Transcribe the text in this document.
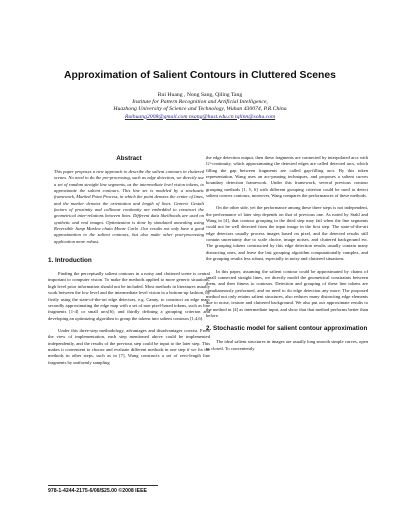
Approximation of Salient Contours in Cluttered Scenes
Rui Huang , Nong Sang, Qiling Tang
Institute for Pattern Recognition and Artificial Intelligence,
Huazhong University of Science and Technology, Wuhan 430074, P.R.China
Ruihuang2008@gmail.com nsang@hust.edu.cn tqlinn@sohu.com
Abstract
This paper proposes a new approach to describe the salient contours in cluttered scenes. No need to do the pre-processing, such as edge detection, we directly use a set of random straight line segments, as the intermediate level vision tokens, to approximate the salient contours. This line set is modeled by a stochastic framework, Marked Point Process, in which the point denotes the center of lines, and the marker denotes the orientation and length of lines. Generic Gestalt factors of proximity and collinear continuity are embedded to construct the geometrical inter-relations between lines. Different data likelihoods are used on synthetic and real images. Optimization is done by simulated annealing using Reversible Jump Markov chain Monte Carlo .Our results not only have a good approximation to the salient contours, but also make other post-processing application more robust.
1. Introduction

Finding the perceptually salient contours in a noisy and cluttered scene is central important to computer vision. To make the methods applied to more generic situations, high level prior information should not be included. Most methods in literatures usually work between the low level and the intermediate level vision in a bottom-up fashion, by firstly using the state-of-the-art edge detectors, e.g. Canny, to construct an edge map; secondly approximating the edge map with a set of non pixel-based tokens, such as line fragments [1-4] or small arcs[6]; and thirdly defining a grouping criterion and developing an optimizing algorithm to group the tokens into salient contours [1,4,6].

Under this three-step methodology, advantages and disadvantages coexist. From the view of implementation, each step mentioned above could be implemented independently, and the results of the previous step could be input to the later step. This makes it convenient to choose and evaluate different methods in one step if we fix the methods in other steps, such as in [7], Wang constructs a set of zero-length line fragments by uniformly sampling

the edge detection output, then these fragments are connected by interpolated arcs with G¹-continuity, which approximating the detected edges are called detected arcs, which filling the gap between fragments are called gap-filling arcs. By this token representation, Wang uses an arc-pruning techniques, and proposes a salient curves boundary detection framework. Under this framework, several previous contour grouping methods [1, 5, 6] with different grouping criterion could be used to detect salient convex contours, moreover, Wang compares the performances of these methods.

On the other side, yet the performance among these three steps is not independent, the performance of later step depends on that of previous one. As noted by Stahl and Wang in [4], that contour grouping in the third step may fail when the line segments could not be well detected from the input image in the first step. The state-of-the-art edge detectors usually process images based on pixel, and the detected results still contain uncertainty due to scale choice, image noises, and cluttered background etc. The grouping tokens constructed by this edge detection results usually contain many distracting ones, and leave the last grouping algorithm computationally complex, and the grouping results less robust, especially in noisy and cluttered situations.

In this paper, assuming the salient contour could be approximated by chains of small connected straight lines, we directly model the geometrical constraints between them, and then fitness to contours. Detection and grouping of these line tokens are simultaneously performed, and no need to do edge detection any more. The proposed method not only retains salient structures, also reduces many distracting edge elements due to noise, texture and cluttered background. We also put our approximate results to the method in [4] as intermediate input, and show that that method performs better than before.

2. Stochastic model for salient contour approximation

The ideal salient structures in images are usually long smooth simple curves, open or closed. To conveniently

978-1-4244-2175-6/08/$25.00 ©2008 IEEE
